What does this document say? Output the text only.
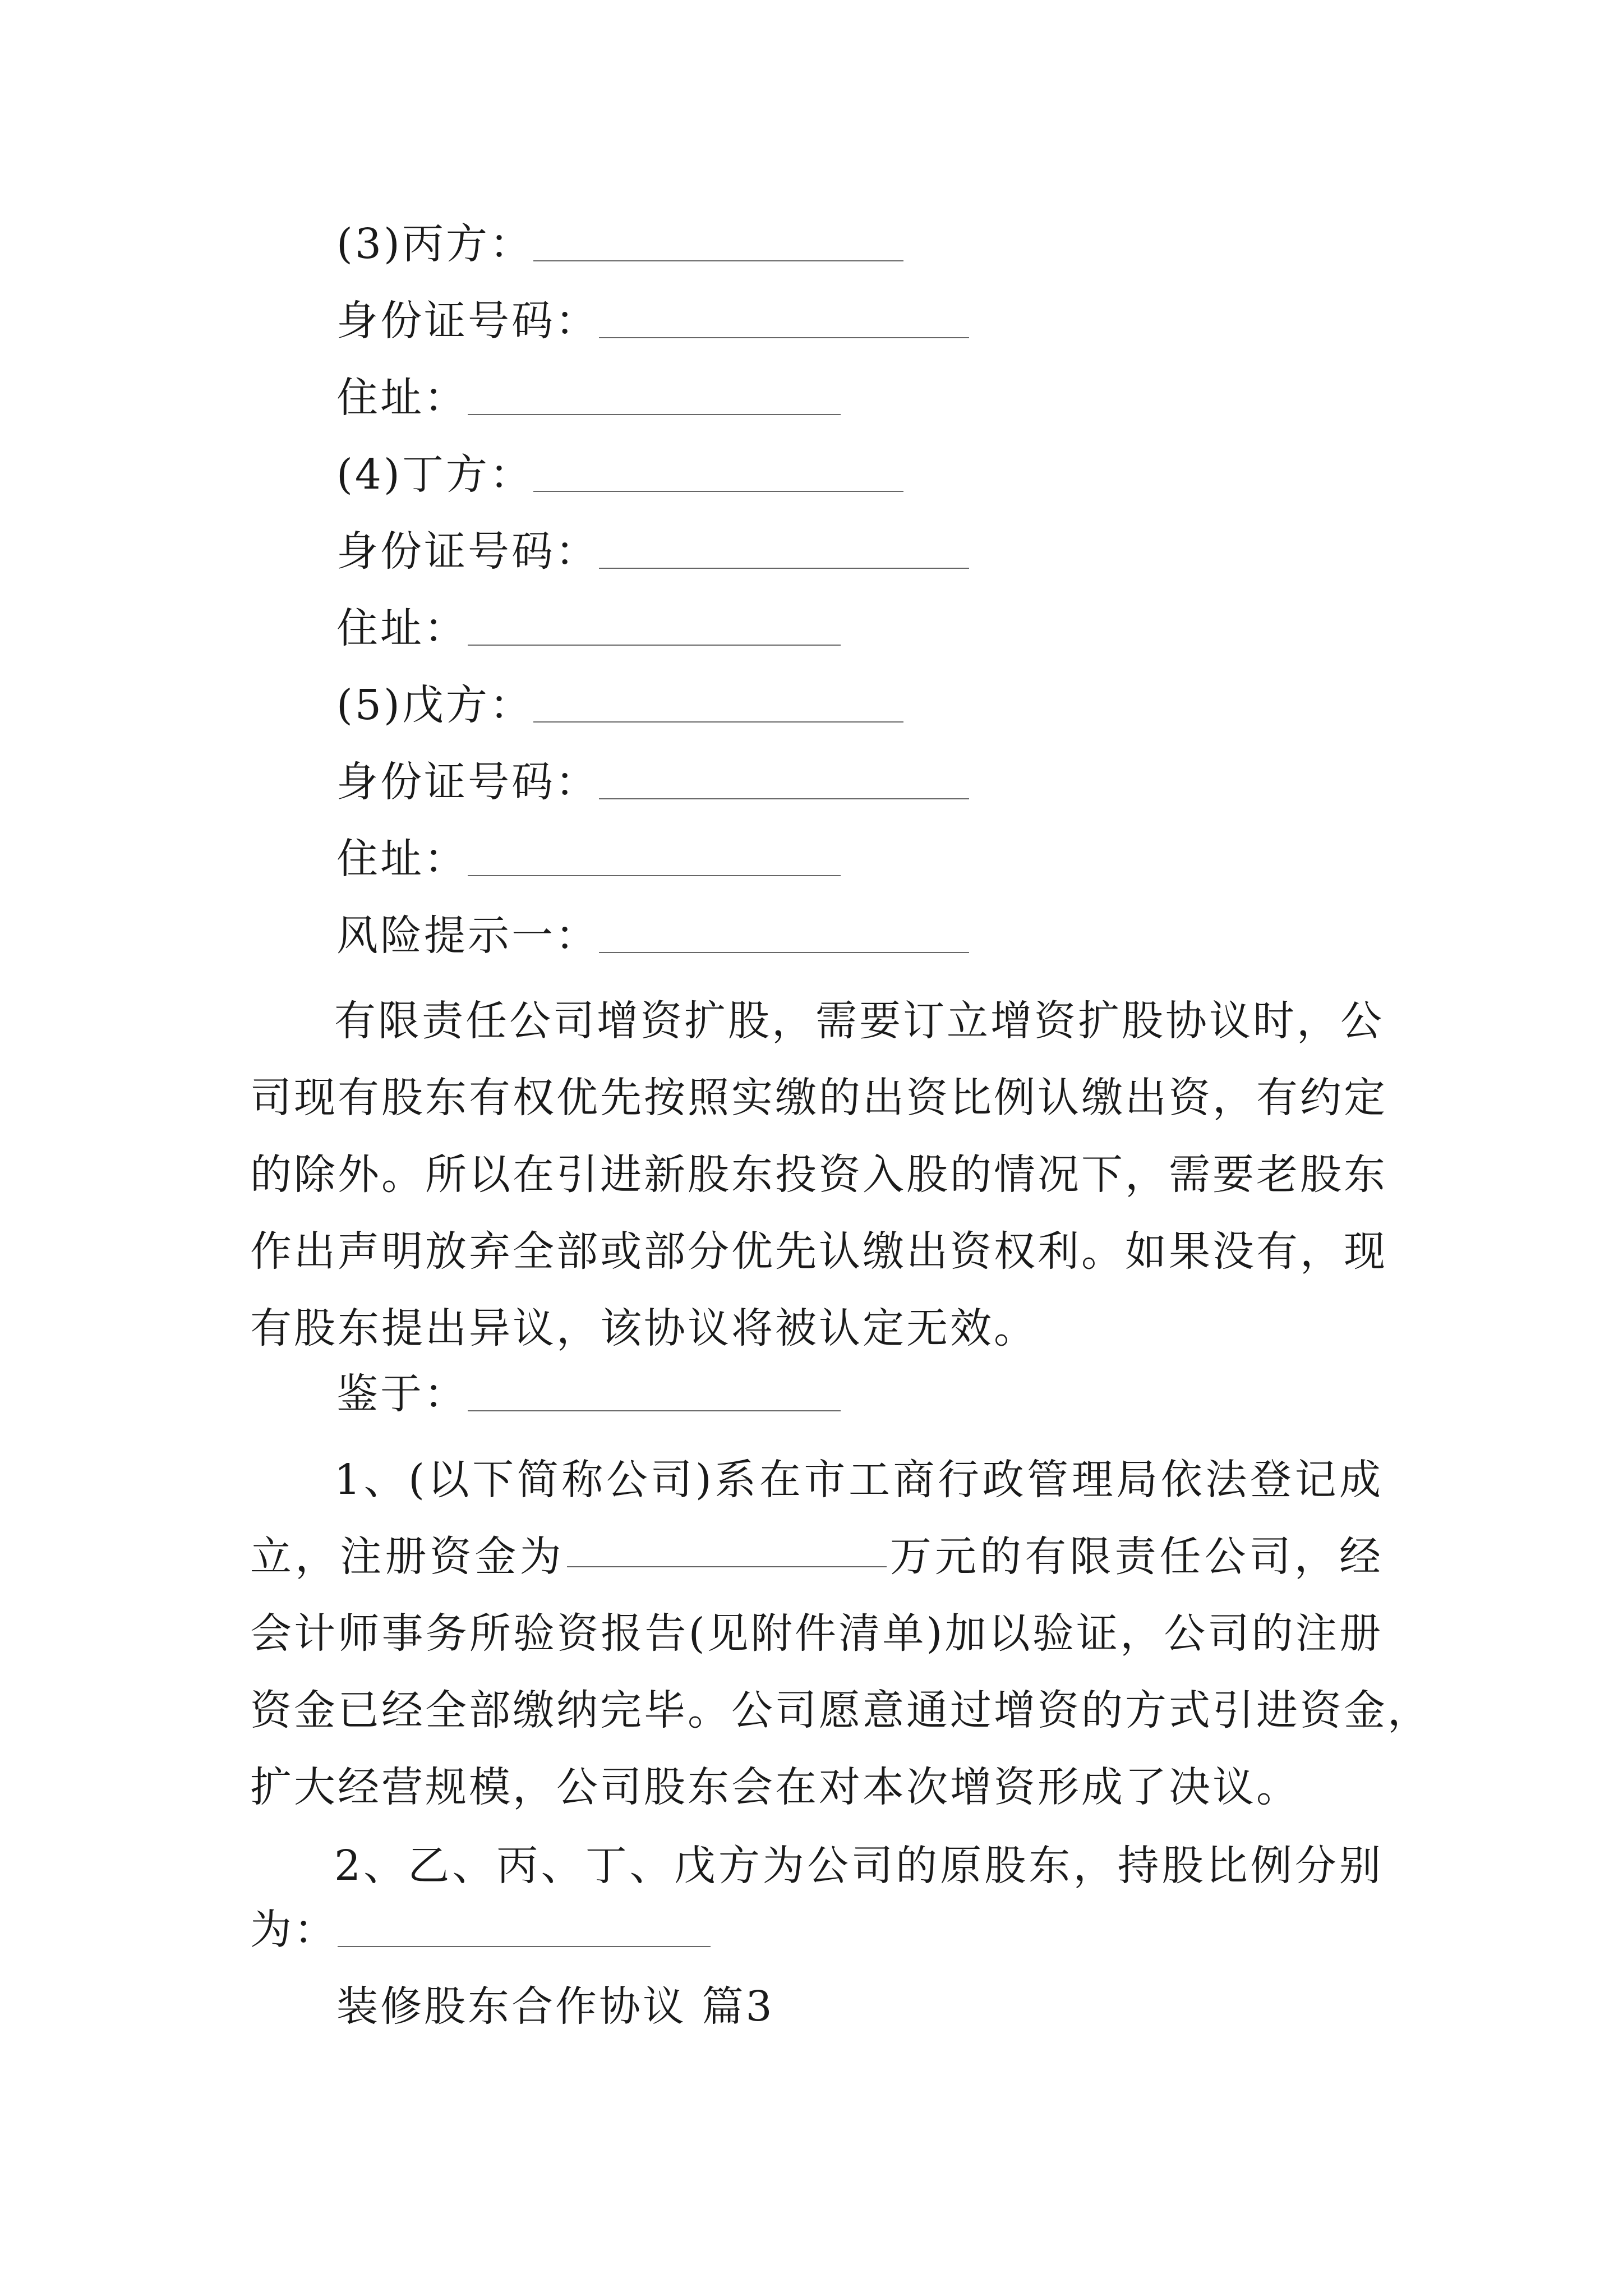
(3)丙方：
身份证号码：
住址：
(4)丁方：
身份证号码：
住址：
(5)戊方：
身份证号码：
住址：
风险提示一：
有限责任公司增资扩股，需要订立增资扩股协议时，公
司现有股东有权优先按照实缴的出资比例认缴出资，有约定
的除外。所以在引进新股东投资入股的情况下，需要老股东
作出声明放弃全部或部分优先认缴出资权利。如果没有，现
有股东提出异议，该协议将被认定无效。
鉴于：
1、(以下简称公司)系在市工商行政管理局依法登记成
立，注册资金为	万元的有限责任公司，经
会计师事务所验资报告(见附件清单)加以验证，公司的注册
资金已经全部缴纳完毕。公司愿意通过增资的方式引进资金，
扩大经营规模，公司股东会在对本次增资形成了决议。
2、乙、丙、丁、戊方为公司的原股东，持股比例分别
为：
装修股东合作协议 篇3
